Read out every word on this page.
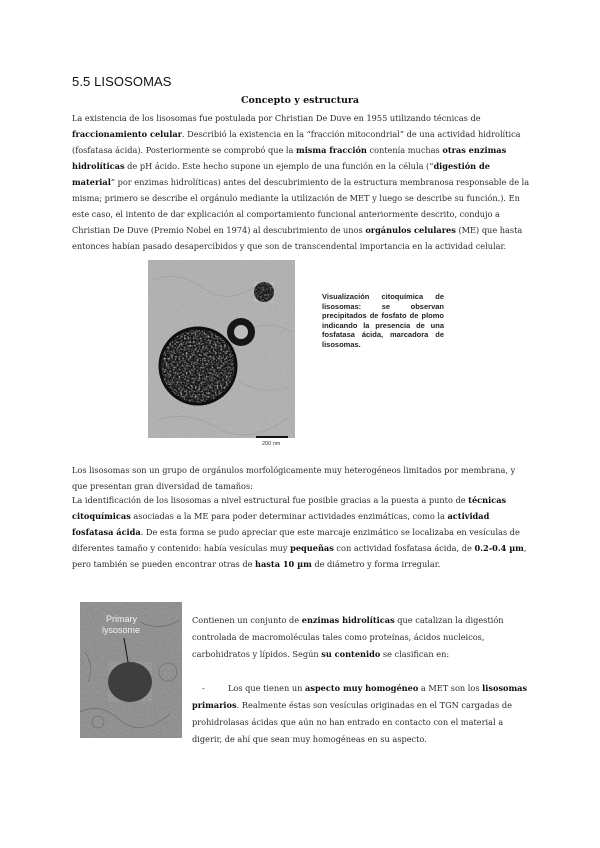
5.5 LISOSOMAS
Concepto y estructura

La existencia de los lisosomas fue postulada por Christian De Duve en 1955 utilizando técnicas de fraccionamiento celular. Describió la existencia en la “fracción mitocondrial” de una actividad hidrolítica (fosfatasa ácida). Posteriormente se comprobó que la misma fracción contenía muchas otras enzimas hidrolíticas de pH ácido. Este hecho supone un ejemplo de una función en la célula (“digestión de material” por enzimas hidrolíticas) antes del descubrimiento de la estructura membranosa responsable de la misma; primero se describe el orgánulo mediante la utilización de MET y luego se describe su función.). En este caso, el intento de dar explicación al comportamiento funcional anteriormente descrito, condujo a Christian De Duve (Premio Nobel en 1974) al descubrimiento de unos orgánulos celulares (ME) que hasta entonces habían pasado desapercibidos y que son de transcendental importancia en la actividad celular.

200 nm

Visualización citoquímica de lisosomas: se observan precipitados de fosfato de plomo indicando la presencia de una fosfatasa ácida, marcadora de lisosomas.

Los lisosomas son un grupo de orgánulos morfológicamente muy heterogéneos limitados por membrana, y que presentan gran diversidad de tamaños:

La identificación de los lisosomas a nivel estructural fue posible gracias a la puesta a punto de técnicas citoquímicas asociadas a la ME para poder determinar actividades enzimáticas, como la actividad fosfatasa ácida. De esta forma se pudo apreciar que este marcaje enzimático se localizaba en vesículas de diferentes tamaño y contenido: había vesículas muy pequeñas con actividad fosfatasa ácida, de 0.2-0.4 µm, pero también se pueden encontrar otras de hasta 10 µm de diámetro y forma irregular.

Primary
lysosome

Contienen un conjunto de enzimas hidrolíticas que catalizan la digestión controlada de macromoléculas tales como proteínas, ácidos nucleicos, carbohidratos y lípidos. Según su contenido se clasifican en:

-	Los que tienen un aspecto muy homogéneo a MET son los lisosomas primarios. Realmente éstas son vesículas originadas en el TGN cargadas de prohidrolasas ácidas que aún no han entrado en contacto con el material a digerir, de ahí que sean muy homogéneas en su aspecto.
